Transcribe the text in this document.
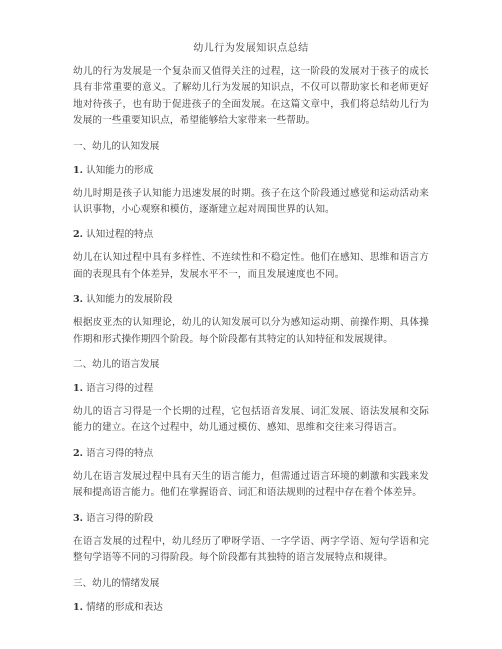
幼儿行为发展知识点总结

幼儿的行为发展是一个复杂而又值得关注的过程，这一阶段的发展对于孩子的成长具有非常重要的意义。了解幼儿行为发展的知识点，不仅可以帮助家长和老师更好地对待孩子，也有助于促进孩子的全面发展。在这篇文章中，我们将总结幼儿行为发展的一些重要知识点，希望能够给大家带来一些帮助。

一、幼儿的认知发展
1. 认知能力的形成

幼儿时期是孩子认知能力迅速发展的时期。孩子在这个阶段通过感觉和运动活动来认识事物，小心观察和模仿，逐渐建立起对周围世界的认知。

2. 认知过程的特点

幼儿在认知过程中具有多样性、不连续性和不稳定性。他们在感知、思维和语言方面的表现具有个体差异，发展水平不一，而且发展速度也不同。

3. 认知能力的发展阶段

根据皮亚杰的认知理论，幼儿的认知发展可以分为感知运动期、前操作期、具体操作期和形式操作期四个阶段。每个阶段都有其特定的认知特征和发展规律。

二、幼儿的语言发展
1. 语言习得的过程

幼儿的语言习得是一个长期的过程，它包括语音发展、词汇发展、语法发展和交际能力的建立。在这个过程中，幼儿通过模仿、感知、思维和交往来习得语言。

2. 语言习得的特点

幼儿在语言发展过程中具有天生的语言能力，但需通过语言环境的刺激和实践来发展和提高语言能力。他们在掌握语音、词汇和语法规则的过程中存在着个体差异。

3. 语言习得的阶段

在语言发展的过程中，幼儿经历了咿呀学语、一字学语、两字学语、短句学语和完整句学语等不同的习得阶段。每个阶段都有其独特的语言发展特点和规律。

三、幼儿的情绪发展
1. 情绪的形成和表达
